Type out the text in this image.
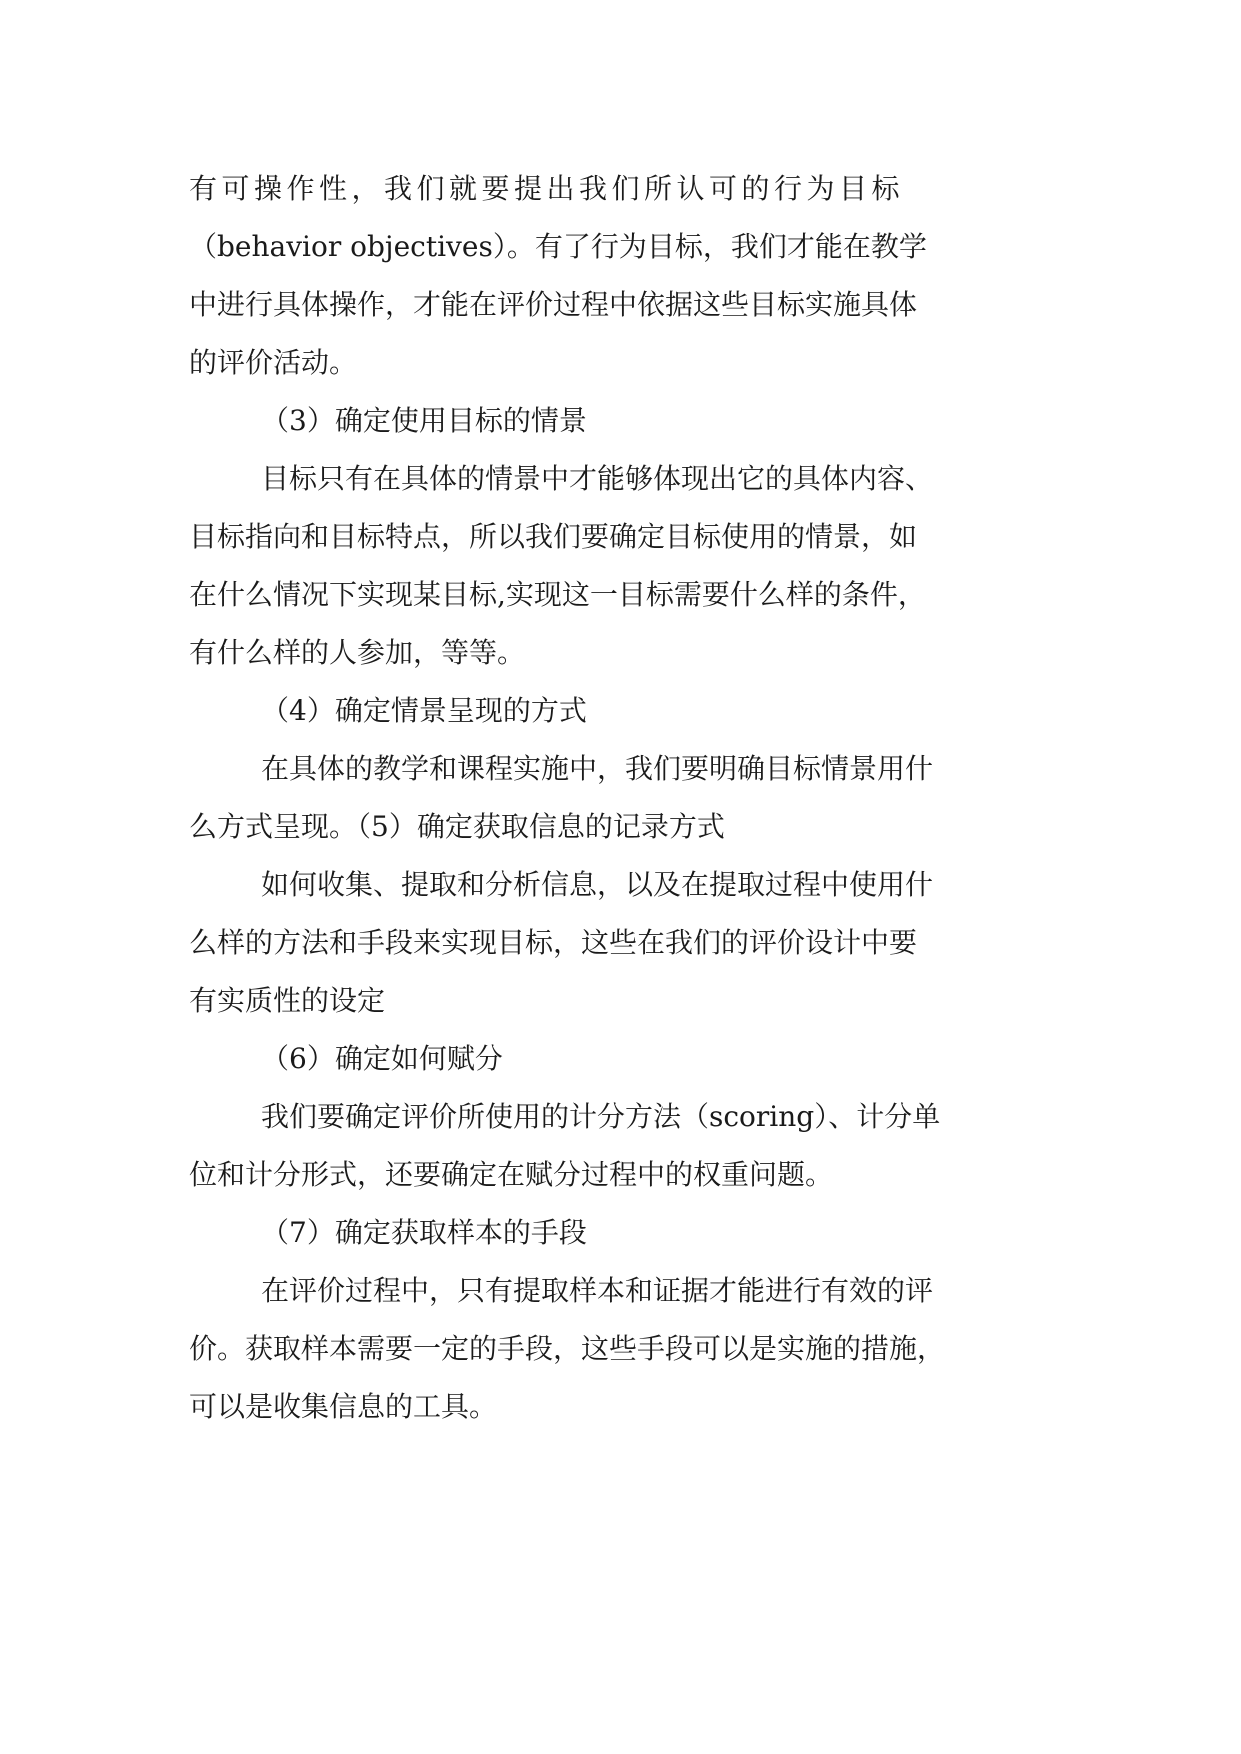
有可操作性，我们就要提出我们所认可的行为目标
（behavior objectives）。有了行为目标，我们才能在教学
中进行具体操作，才能在评价过程中依据这些目标实施具体
的评价活动。
（3）确定使用目标的情景
目标只有在具体的情景中才能够体现出它的具体内容、
目标指向和目标特点，所以我们要确定目标使用的情景，如
在什么情况下实现某目标,实现这一目标需要什么样的条件，
有什么样的人参加，等等。
（4）确定情景呈现的方式
在具体的教学和课程实施中，我们要明确目标情景用什
么方式呈现。（5）确定获取信息的记录方式
如何收集、提取和分析信息，以及在提取过程中使用什
么样的方法和手段来实现目标，这些在我们的评价设计中要
有实质性的设定
（6）确定如何赋分
我们要确定评价所使用的计分方法（scoring）、计分单
位和计分形式，还要确定在赋分过程中的权重问题。
（7）确定获取样本的手段
在评价过程中，只有提取样本和证据才能进行有效的评
价。获取样本需要一定的手段，这些手段可以是实施的措施，
可以是收集信息的工具。
